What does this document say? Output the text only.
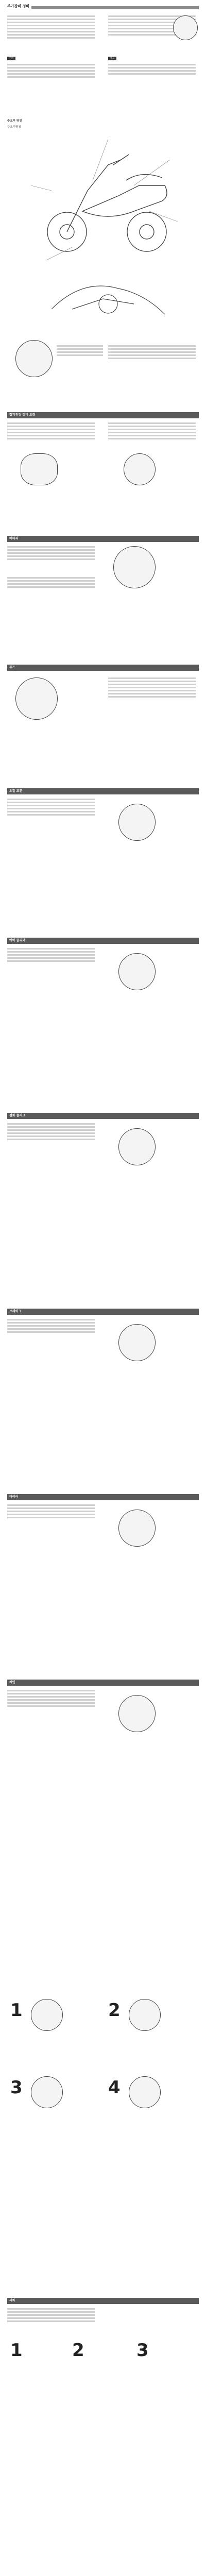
부가장비 정비
주의	경고
주요부 명칭
주요부명칭
정기점검 정비 요령
배터리
퓨즈
오일 교환
에어 클리너
점화 플러그
브레이크
타이어
체인
1	2
3	4
세차
1	2	3
